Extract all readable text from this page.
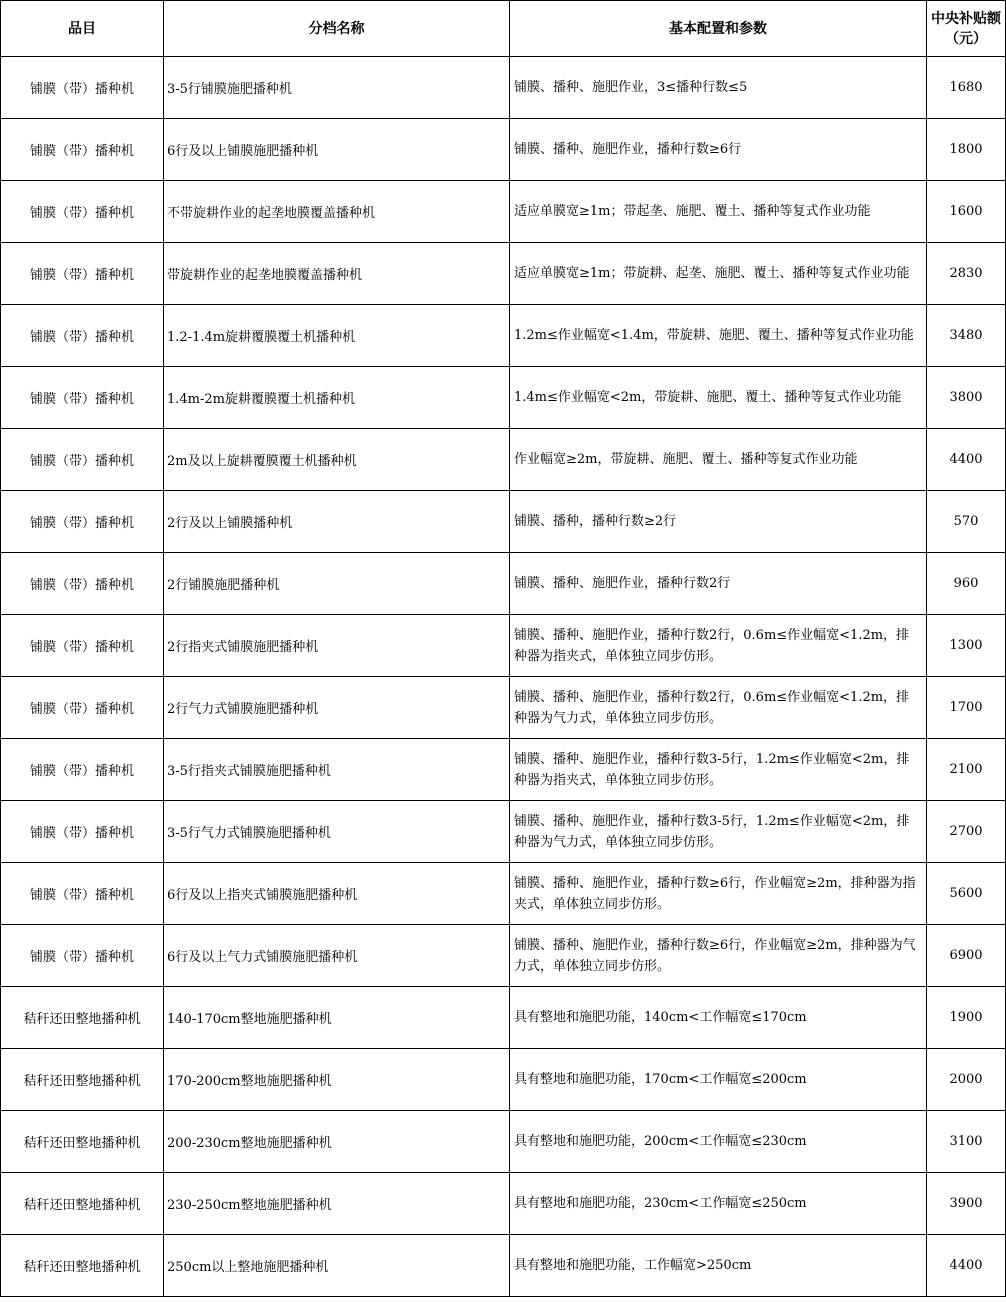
品目	分档名称	基本配置和参数	中央补贴额（元）
铺膜（带）播种机	3-5行铺膜施肥播种机	铺膜、播种、施肥作业，3≤播种行数≤5	1680
铺膜（带）播种机	6行及以上铺膜施肥播种机	铺膜、播种、施肥作业，播种行数≥6行	1800
铺膜（带）播种机	不带旋耕作业的起垄地膜覆盖播种机	适应单膜宽≥1m；带起垄、施肥、覆土、播种等复式作业功能	1600
铺膜（带）播种机	带旋耕作业的起垄地膜覆盖播种机	适应单膜宽≥1m；带旋耕、起垄、施肥、覆土、播种等复式作业功能	2830
铺膜（带）播种机	1.2-1.4m旋耕覆膜覆土机播种机	1.2m≤作业幅宽<1.4m，带旋耕、施肥、覆土、播种等复式作业功能	3480
铺膜（带）播种机	1.4m-2m旋耕覆膜覆土机播种机	1.4m≤作业幅宽<2m，带旋耕、施肥、覆土、播种等复式作业功能	3800
铺膜（带）播种机	2m及以上旋耕覆膜覆土机播种机	作业幅宽≥2m，带旋耕、施肥、覆土、播种等复式作业功能	4400
铺膜（带）播种机	2行及以上铺膜播种机	铺膜、播种，播种行数≥2行	570
铺膜（带）播种机	2行铺膜施肥播种机	铺膜、播种、施肥作业，播种行数2行	960
铺膜（带）播种机	2行指夹式铺膜施肥播种机	铺膜、播种、施肥作业，播种行数2行，0.6m≤作业幅宽<1.2m，排种器为指夹式，单体独立同步仿形。	1300
铺膜（带）播种机	2行气力式铺膜施肥播种机	铺膜、播种、施肥作业，播种行数2行，0.6m≤作业幅宽<1.2m，排种器为气力式，单体独立同步仿形。	1700
铺膜（带）播种机	3-5行指夹式铺膜施肥播种机	铺膜、播种、施肥作业，播种行数3-5行，1.2m≤作业幅宽<2m，排种器为指夹式，单体独立同步仿形。	2100
铺膜（带）播种机	3-5行气力式铺膜施肥播种机	铺膜、播种、施肥作业，播种行数3-5行，1.2m≤作业幅宽<2m，排种器为气力式，单体独立同步仿形。	2700
铺膜（带）播种机	6行及以上指夹式铺膜施肥播种机	铺膜、播种、施肥作业，播种行数≥6行，作业幅宽≥2m，排种器为指夹式，单体独立同步仿形。	5600
铺膜（带）播种机	6行及以上气力式铺膜施肥播种机	铺膜、播种、施肥作业，播种行数≥6行，作业幅宽≥2m，排种器为气力式，单体独立同步仿形。	6900
秸秆还田整地播种机	140-170cm整地施肥播种机	具有整地和施肥功能，140cm<工作幅宽≤170cm	1900
秸秆还田整地播种机	170-200cm整地施肥播种机	具有整地和施肥功能，170cm<工作幅宽≤200cm	2000
秸秆还田整地播种机	200-230cm整地施肥播种机	具有整地和施肥功能，200cm<工作幅宽≤230cm	3100
秸秆还田整地播种机	230-250cm整地施肥播种机	具有整地和施肥功能，230cm<工作幅宽≤250cm	3900
秸秆还田整地播种机	250cm以上整地施肥播种机	具有整地和施肥功能，工作幅宽>250cm	4400
